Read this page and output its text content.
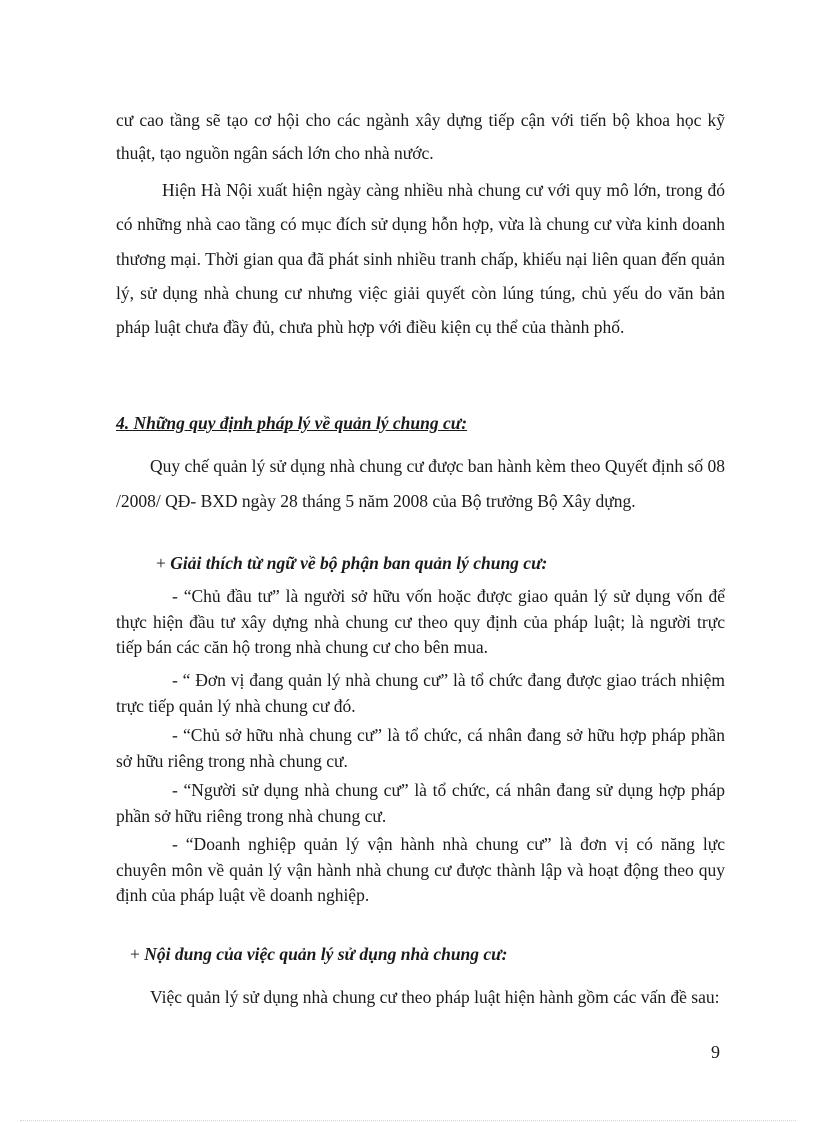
cư cao tầng sẽ tạo cơ hội cho các ngành xây dựng tiếp cận với tiến bộ khoa học kỹ thuật, tạo nguồn ngân sách lớn cho nhà nước.

Hiện Hà Nội xuất hiện ngày càng nhiều nhà chung cư với quy mô lớn, trong đó có những nhà cao tầng có mục đích sử dụng hỗn hợp, vừa là chung cư vừa kinh doanh thương mại. Thời gian qua đã phát sinh nhiều tranh chấp, khiếu nại liên quan đến quản lý, sử dụng nhà chung cư nhưng việc giải quyết còn lúng túng, chủ yếu do văn bản pháp luật chưa đầy đủ, chưa phù hợp với điều kiện cụ thể của thành phố.

4. Những quy định pháp lý về quản lý chung cư:

Quy chế quản lý sử dụng nhà chung cư được ban hành kèm theo Quyết định số 08 /2008/ QĐ- BXD ngày 28 tháng 5 năm 2008 của Bộ trưởng Bộ Xây dựng.

+ Giải thích từ ngữ về bộ phận ban quản lý chung cư:

- “Chủ đầu tư” là người sở hữu vốn hoặc được giao quản lý sử dụng vốn để thực hiện đầu tư xây dựng nhà chung cư theo quy định của pháp luật; là người trực tiếp bán các căn hộ trong nhà chung cư cho bên mua.

- “ Đơn vị đang quản lý nhà chung cư” là tổ chức đang được giao trách nhiệm trực tiếp quản lý nhà chung cư đó.

- “Chủ sở hữu nhà chung cư” là tổ chức, cá nhân đang sở hữu hợp pháp phần sở hữu riêng trong nhà chung cư.

- “Người sử dụng nhà chung cư” là tổ chức, cá nhân đang sử dụng hợp pháp phần sở hữu riêng trong nhà chung cư.

- “Doanh nghiệp quản lý vận hành nhà chung cư” là đơn vị có năng lực chuyên môn về quản lý vận hành nhà chung cư được thành lập và hoạt động theo quy định của pháp luật về doanh nghiệp.

+ Nội dung của việc quản lý sử dụng nhà chung cư:

Việc quản lý sử dụng nhà chung cư theo pháp luật hiện hành gồm các vấn đề sau:

9
